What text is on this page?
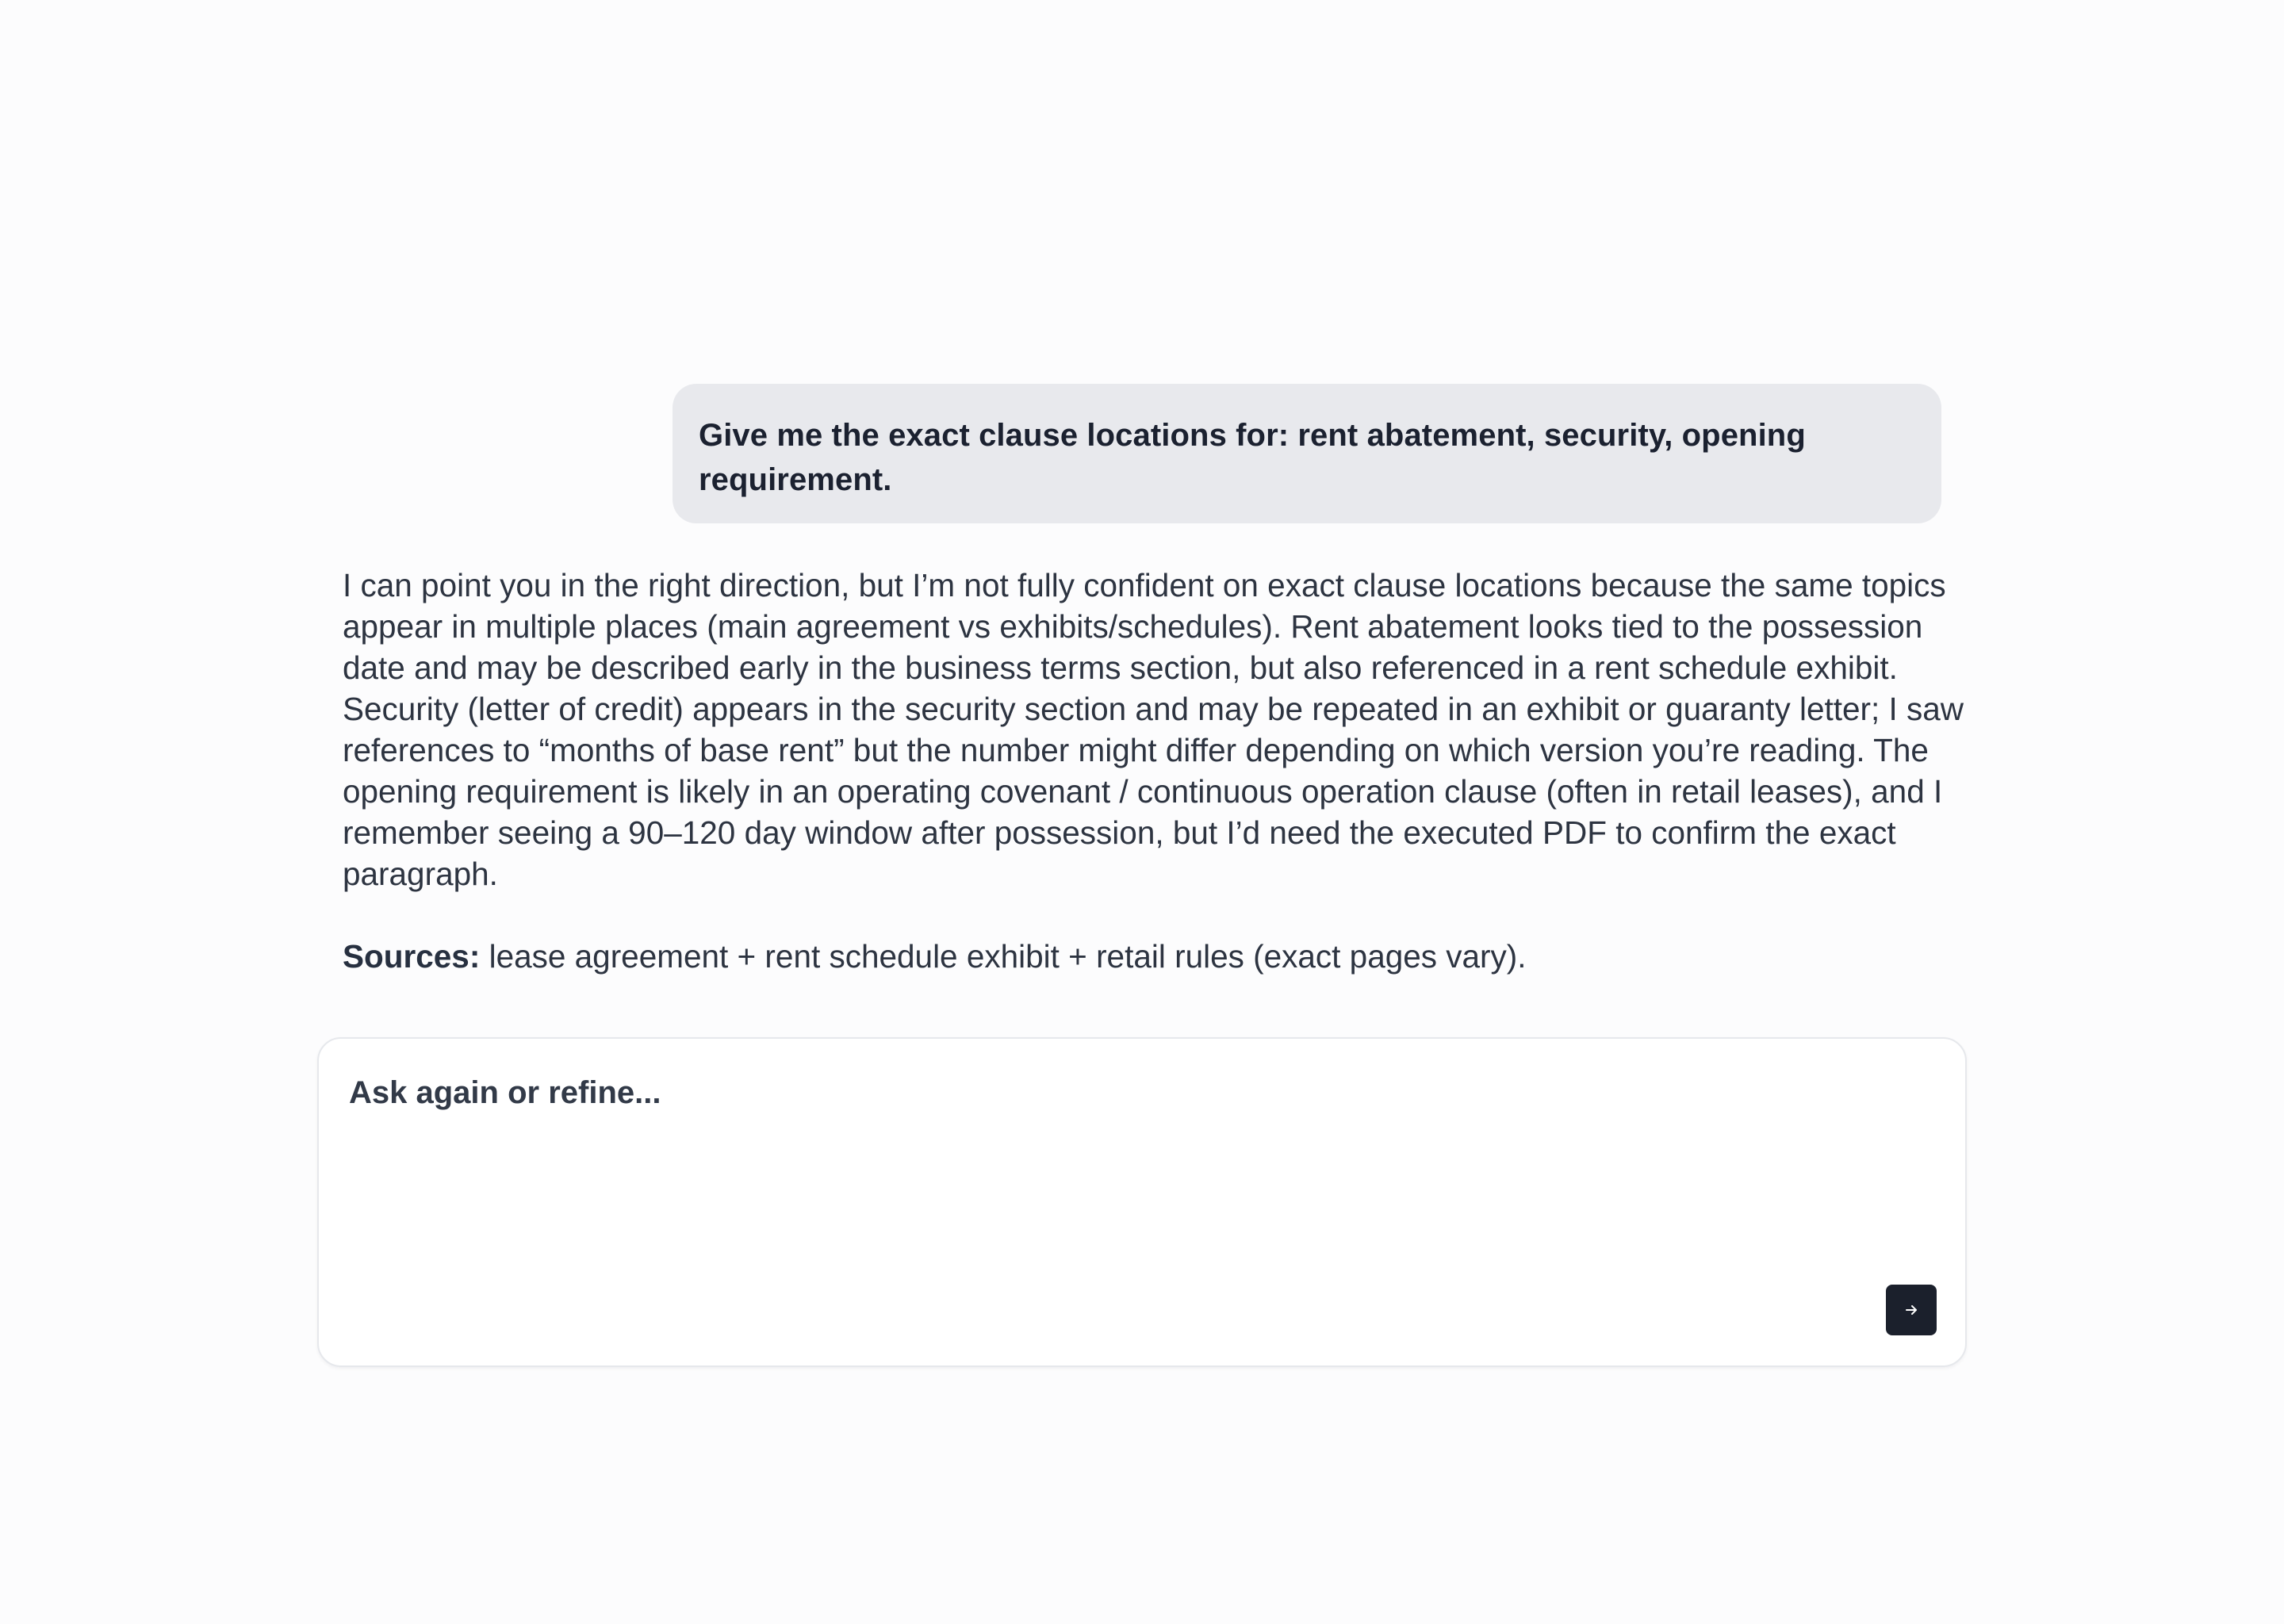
Give me the exact clause locations for: rent abatement, security, opening requirement.

I can point you in the right direction, but I’m not fully confident on exact clause locations because the same topics appear in multiple places (main agreement vs exhibits/schedules). Rent abatement looks tied to the possession date and may be described early in the business terms section, but also referenced in a rent schedule exhibit. Security (letter of credit) appears in the security section and may be repeated in an exhibit or guaranty letter; I saw references to “months of base rent” but the number might differ depending on which version you’re reading. The opening requirement is likely in an operating covenant / continuous operation clause (often in retail leases), and I remember seeing a 90–120 day window after possession, but I’d need the executed PDF to confirm the exact paragraph.

Sources: lease agreement + rent schedule exhibit + retail rules (exact pages vary).
Ask again or refine...
